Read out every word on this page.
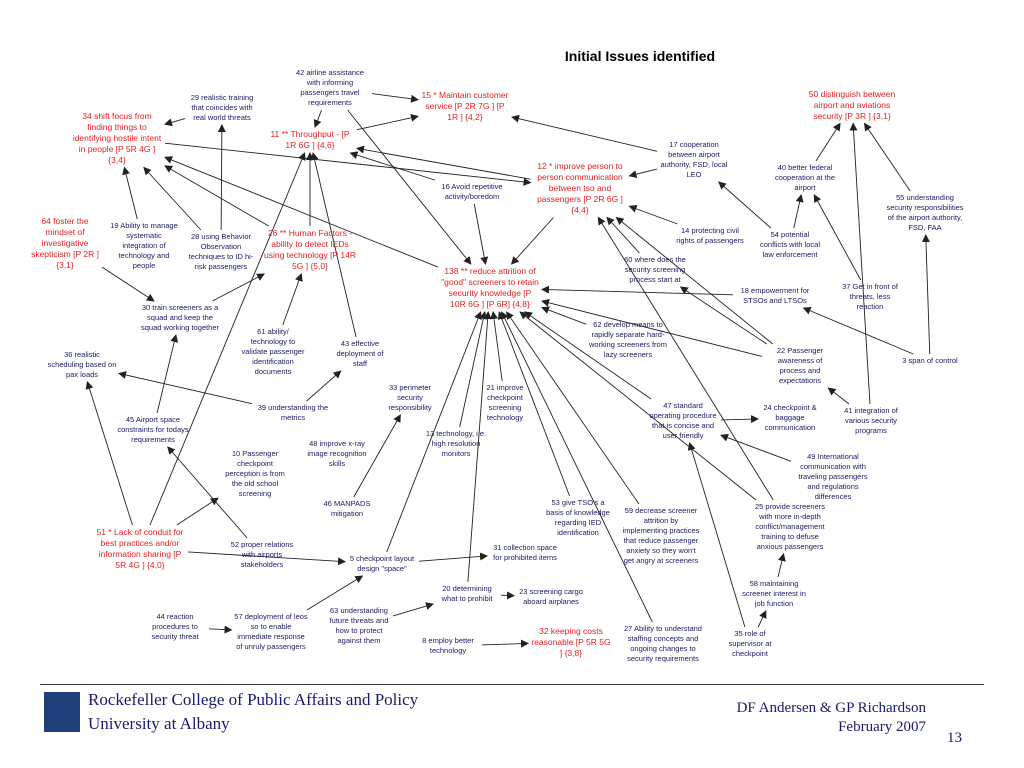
Initial Issues identified
42 airline assistance with informing passengers travel requirements
15 * Maintain customer service [P 2R 7G ] [P 1R ] {4,2}
50 distinguish between airport and aviations security [P 3R ] {3,1}
29 realistic training that coincides with real world threats
34 shift focus from finding things to identifying hostile intent in people [P 5R 4G ] {3,4}
11 ** Throughput - [P 1R 6G ] {4,6}	17 cooperation between airport authority, FSD, local LEO
12 * improve person to person communication between tso and passengers [P 2R 6G ] {4,4}
40 better federal cooperation at the airport
55 understanding security responsibilities of the airport authority, FSD, FAA
16 Avoid repetitive activity/boredom
64 foster the mindset of investigative skepticism [P 2R ] {3,1}
19 Ability to manage systematic integration of technology and people
28 using Behavior Observation techniques to ID hi-risk passengers
26 ** Human Factors - ability to detect IEDs using technology [P 14R 5G ] {5,0}
14 protecting civil rights of passengers
54 potential conflicts with local law enforcement
138 ** reduce attrition of "good" screeners to retain security knowledge [P 10R 6G ] [P 6R] {4,8}
60 where does the security screening process start at
37 Get in front of threats, less reaction
18 empowerment for STSOs and LTSOs
30 train screeners as a squad and keep the squad working together	62 develop means to rapidly separate hard-working screeners from lazy screeners
61 ability/ technology to validate passenger identification documents
43 effective deployment of staff
36 realistic scheduling based on pax loads
22 Passenger awareness of process and expectations
3 span of control
33 perimeter security responsibility
21 improve checkpoint screening technology
39 understanding the metrics
47 standard operating procedure that is concise and user friendly
24 checkpoint & baggage communication
41 integration of various security programs
45 Airport space constraints for todays requirements	48 improve x-ray image recognition skills
13 technology, i.e. high resolution monitors
10 Passenger checkpoint perception is from the old school screening
49 International communication with traveling passengers and regulations differences
46 MANPADS mitigation
53 give TSO's a basis of knowledge regarding IED identification
59 decrease screener attrition by implementing practices that reduce passenger anxiety so they won't get angry at screeners
25 provide screeners with more in-depth conflict/management training to defuse anxious passengers
51 * Lack of conduit for best practices and/or information sharing [P 5R 4G ] {4,0}
52 proper relations with airports stakeholders
5 checkpoint layout design "space"
31 collection space for prohibited items
20 determining what to prohibit
23 screening cargo aboard airplanes
58 maintaining screener interest in job function
44 reaction procedures to security threat
57 deployment of leos so to enable immediate response of unruly passengers
63 understanding future threats and how to protect against them
32 keeping costs reasonable [P 5R 5G ] {3,8}
27 Ability to understand staffing concepts and ongoing changes to security requirements
35 role of supervisor at checkpoint
8 employ better technology
Rockefeller College of Public Affairs and Policy
University at Albany
DF Andersen & GP Richardson
February 2007
13
